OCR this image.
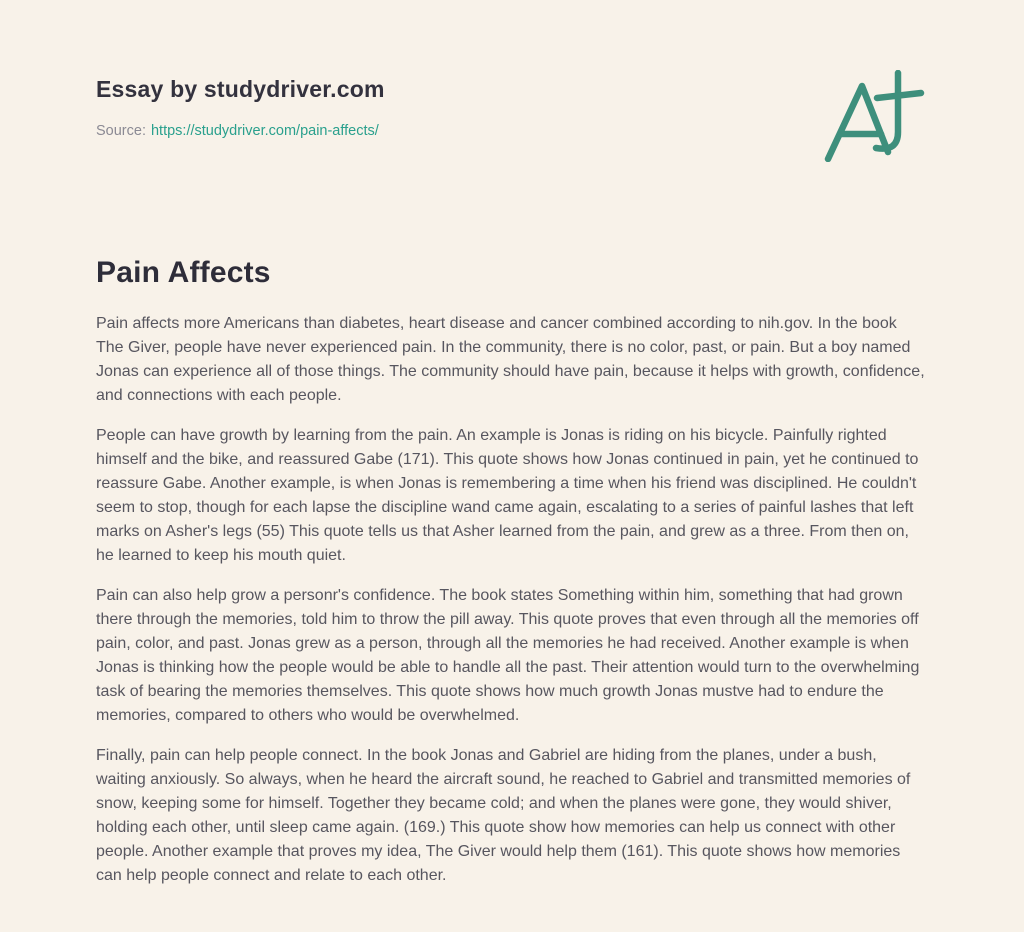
Essay by studydriver.com
Source: https://studydriver.com/pain-affects/
Pain Affects

Pain affects more Americans than diabetes, heart disease and cancer combined according to nih.gov. In the book The Giver, people have never experienced pain. In the community, there is no color, past, or pain. But a boy named Jonas can experience all of those things. The community should have pain, because it helps with growth, confidence, and connections with each people.

People can have growth by learning from the pain. An example is Jonas is riding on his bicycle. Painfully righted himself and the bike, and reassured Gabe (171). This quote shows how Jonas continued in pain, yet he continued to reassure Gabe. Another example, is when Jonas is remembering a time when his friend was disciplined. He couldn't seem to stop, though for each lapse the discipline wand came again, escalating to a series of painful lashes that left marks on Asher's legs (55) This quote tells us that Asher learned from the pain, and grew as a three. From then on, he learned to keep his mouth quiet.

Pain can also help grow a personr's confidence. The book states Something within him, something that had grown there through the memories, told him to throw the pill away. This quote proves that even through all the memories off pain, color, and past. Jonas grew as a person, through all the memories he had received. Another example is when Jonas is thinking how the people would be able to handle all the past. Their attention would turn to the overwhelming task of bearing the memories themselves. This quote shows how much growth Jonas mustve had to endure the memories, compared to others who would be overwhelmed.

Finally, pain can help people connect. In the book Jonas and Gabriel are hiding from the planes, under a bush, waiting anxiously. So always, when he heard the aircraft sound, he reached to Gabriel and transmitted memories of snow, keeping some for himself. Together they became cold; and when the planes were gone, they would shiver, holding each other, until sleep came again. (169.) This quote show how memories can help us connect with other people. Another example that proves my idea, The Giver would help them (161). This quote shows how memories can help people connect and relate to each other.
